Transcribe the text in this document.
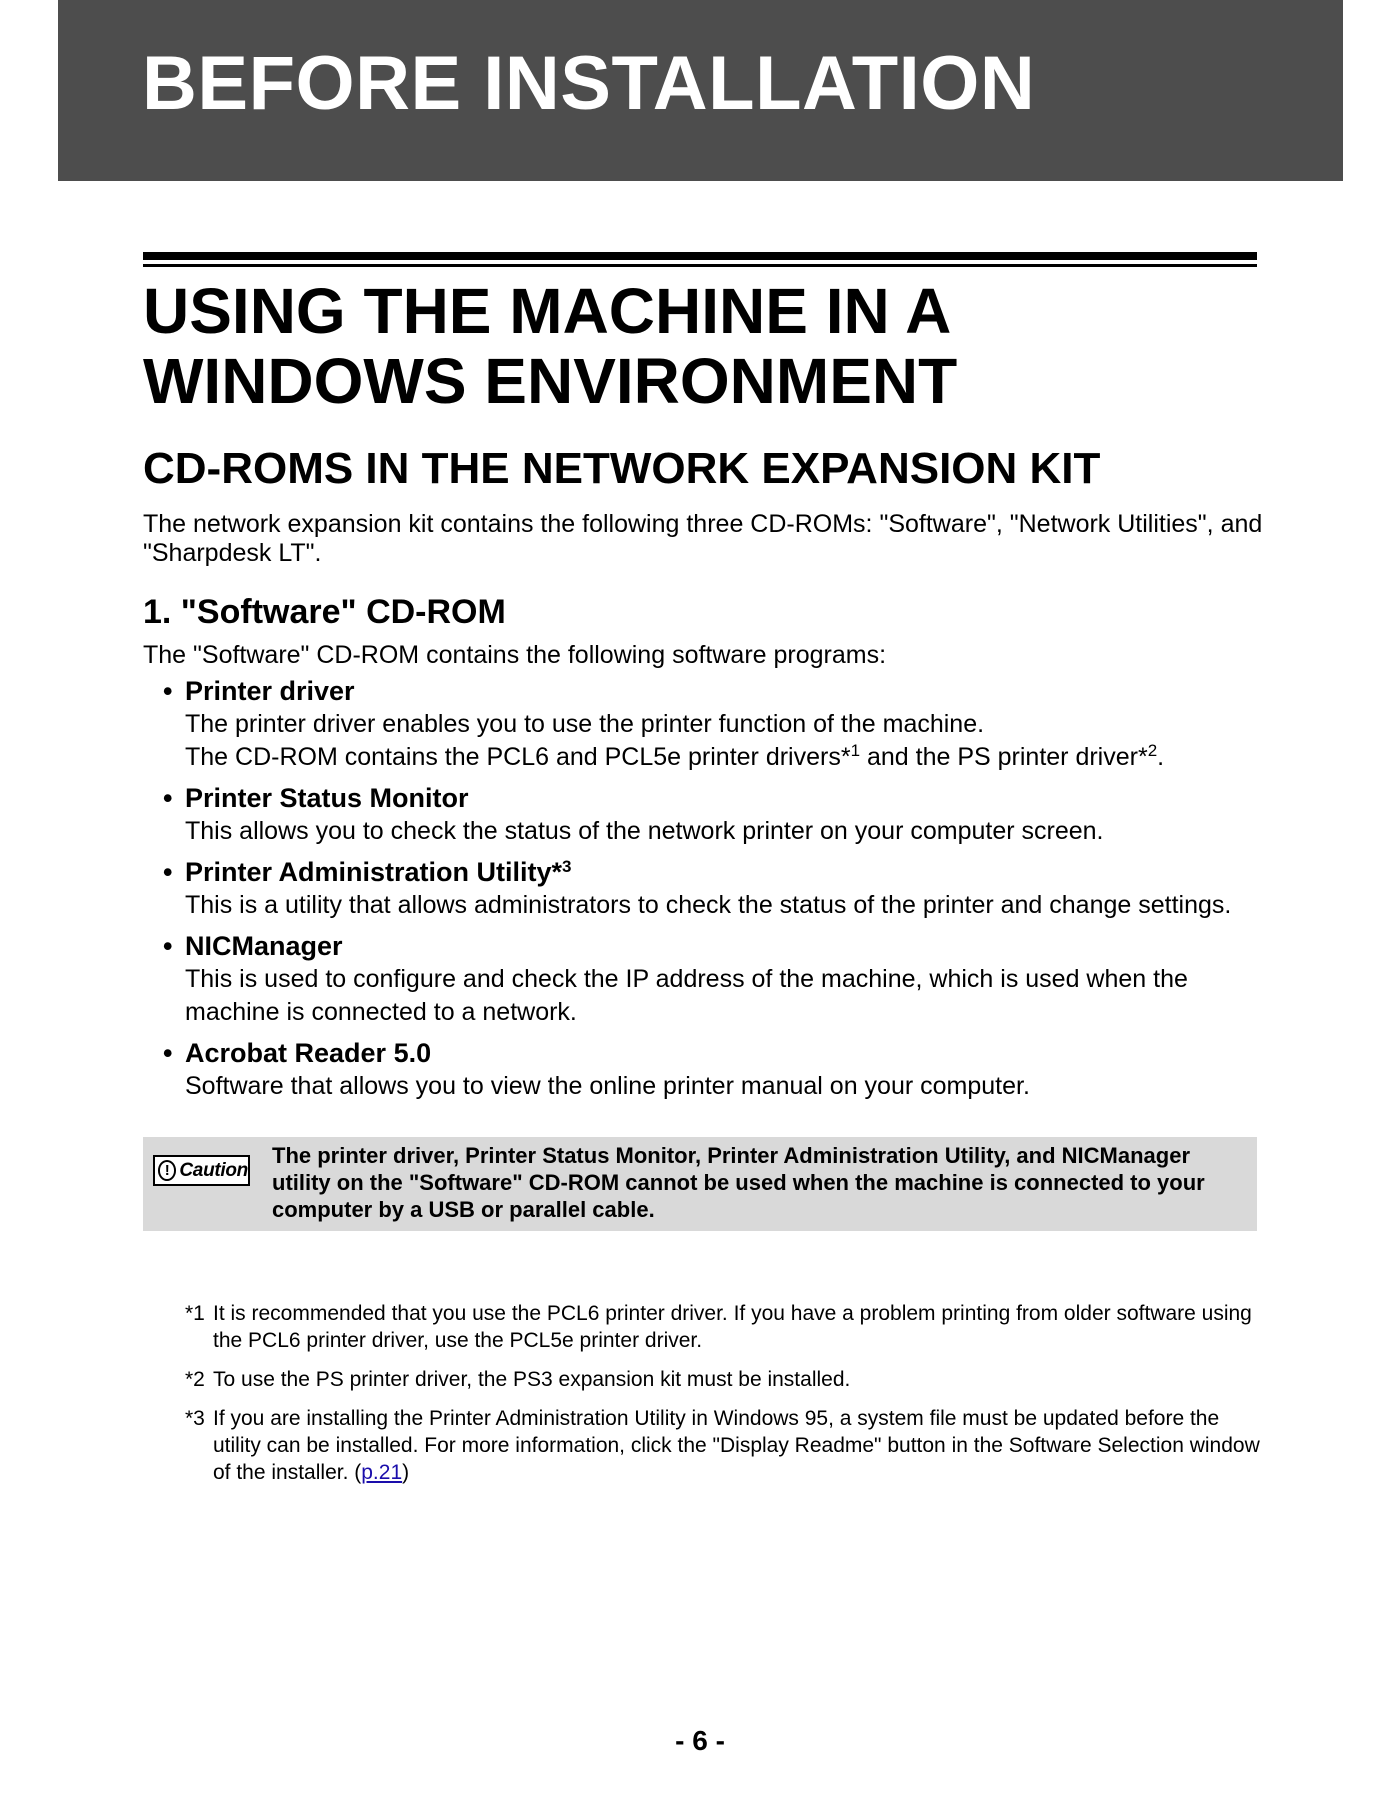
BEFORE INSTALLATION
USING THE MACHINE IN A
WINDOWS ENVIRONMENT
CD-ROMS IN THE NETWORK EXPANSION KIT

The network expansion kit contains the following three CD-ROMs: "Software", "Network Utilities", and "Sharpdesk LT".

1. "Software" CD-ROM

The "Software" CD-ROM contains the following software programs:

• Printer driver
The printer driver enables you to use the printer function of the machine.
The CD-ROM contains the PCL6 and PCL5e printer drivers*$^1$ and the PS printer driver*$^2$.
• Printer Status Monitor
This allows you to check the status of the network printer on your computer screen.
• Printer Administration Utility*$^3$
This is a utility that allows administrators to check the status of the printer and change settings.
• NICManager
This is used to configure and check the IP address of the machine, which is used when the machine is connected to a network.
• Acrobat Reader 5.0
Software that allows you to view the online printer manual on your computer.
! Caution

The printer driver, Printer Status Monitor, Printer Administration Utility, and NICManager utility on the "Software" CD-ROM cannot be used when the machine is connected to your computer by a USB or parallel cable.

*1 It is recommended that you use the PCL6 printer driver. If you have a problem printing from older software using the PCL6 printer driver, use the PCL5e printer driver.
*2 To use the PS printer driver, the PS3 expansion kit must be installed.
*3 If you are installing the Printer Administration Utility in Windows 95, a system file must be updated before the utility can be installed. For more information, click the "Display Readme" button in the Software Selection window of the installer. (p.21)

- 6 -
